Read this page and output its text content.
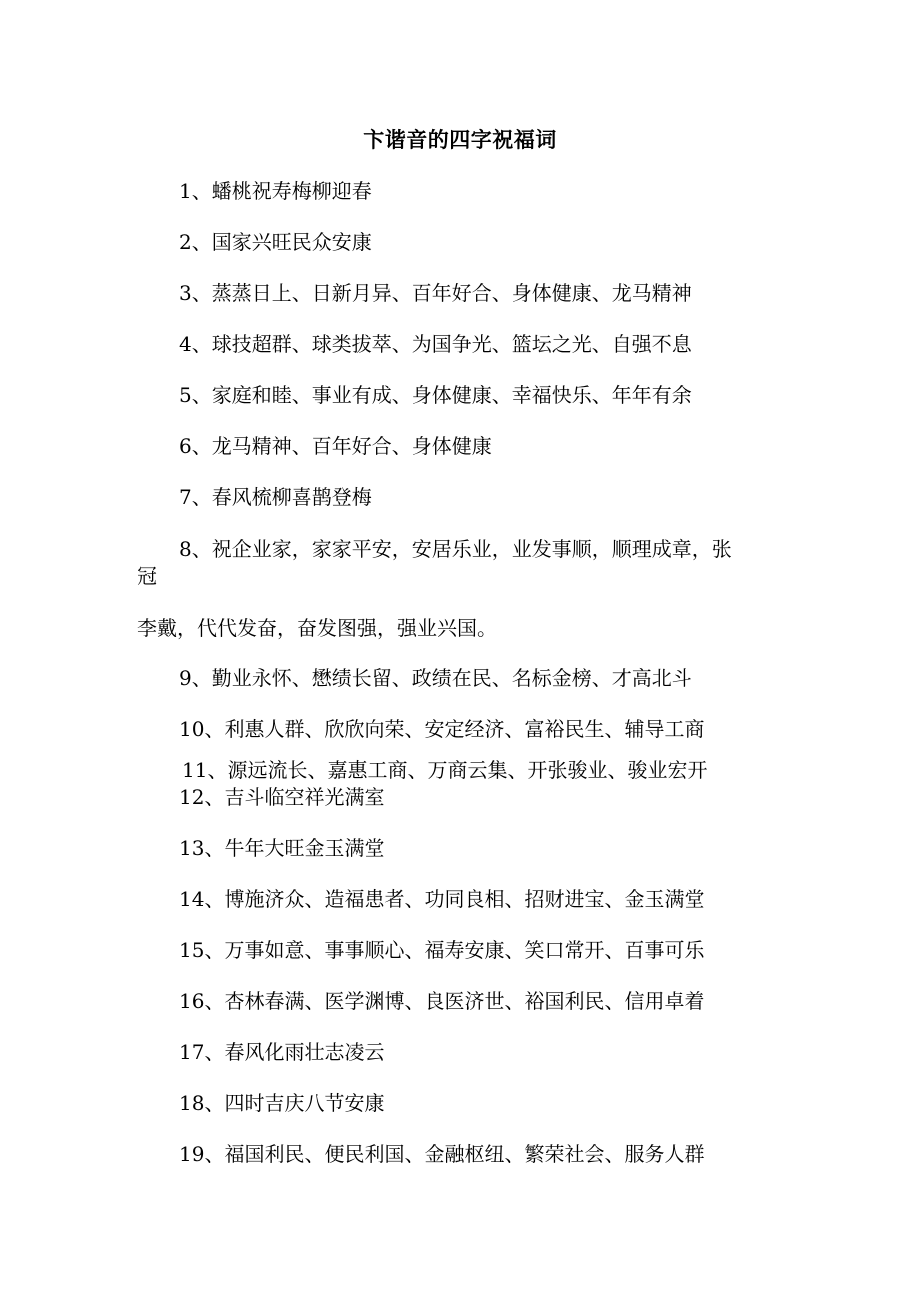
卞谐音的四字祝福词
1、蟠桃祝寿梅柳迎春
2、国家兴旺民众安康
3、蒸蒸日上、日新月异、百年好合、身体健康、龙马精神
4、球技超群、球类拔萃、为国争光、篮坛之光、自强不息
5、家庭和睦、事业有成、身体健康、幸福快乐、年年有余
6、龙马精神、百年好合、身体健康
7、春风梳柳喜鹊登梅
8、祝企业家，家家平安，安居乐业，业发事顺，顺理成章，张
冠
李戴，代代发奋，奋发图强，强业兴国。
9、勤业永怀、懋绩长留、政绩在民、名标金榜、才高北斗
10、利惠人群、欣欣向荣、安定经济、富裕民生、辅导工商
11、源远流长、嘉惠工商、万商云集、开张骏业、骏业宏开
12、吉斗临空祥光满室
13、牛年大旺金玉满堂
14、博施济众、造福患者、功同良相、招财进宝、金玉满堂
15、万事如意、事事顺心、福寿安康、笑口常开、百事可乐
16、杏林春满、医学渊博、良医济世、裕国利民、信用卓着
17、春风化雨壮志凌云
18、四时吉庆八节安康
19、福国利民、便民利国、金融枢纽、繁荣社会、服务人群
